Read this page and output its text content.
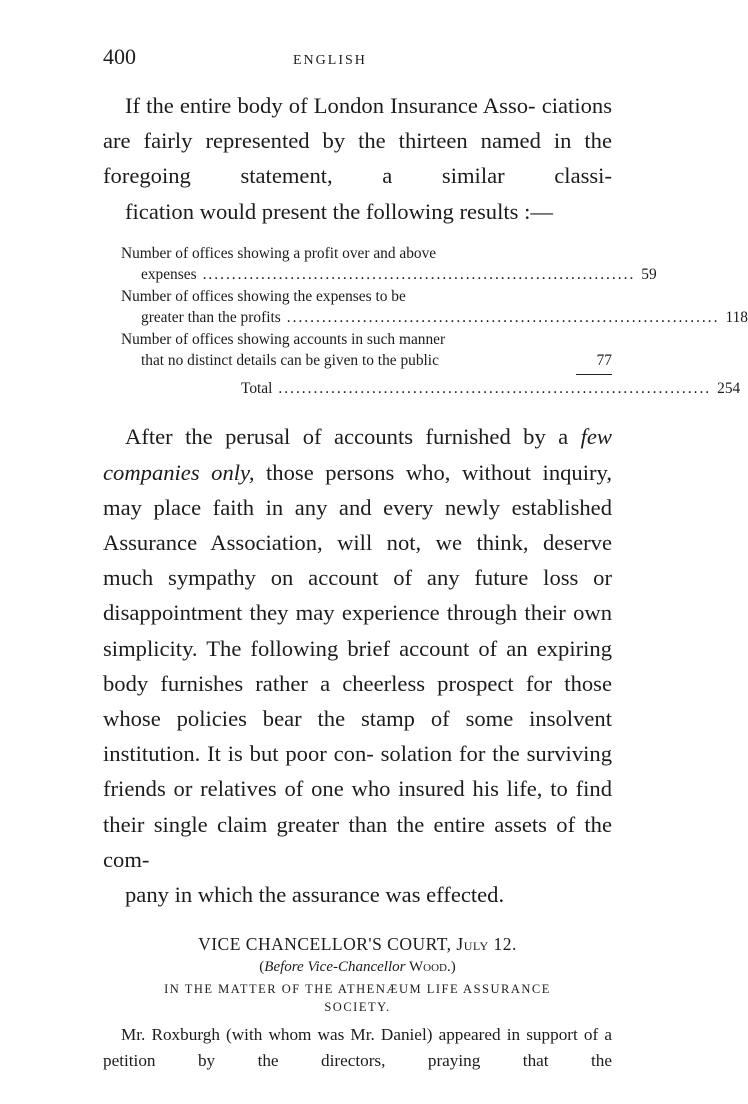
400	ENGLISH

If the entire body of London Insurance Asso- ciations are fairly represented by the thirteen named in the foregoing statement, a similar classi-
fication would present the following results :—

Number of offices showing a profit over and above
expenses .......................................................................... 59
Number of offices showing the expenses to be
greater than the profits .......................................................................... 118
Number of offices showing accounts in such manner
that no distinct details can be given to the public	77
Total .......................................................................... 254

After the perusal of accounts furnished by a few companies only, those persons who, without inquiry, may place faith in any and every newly established Assurance Association, will not, we think, deserve much sympathy on account of any future loss or disappointment they may experience through their own simplicity. The following brief account of an expiring body furnishes rather a cheerless prospect for those whose policies bear the stamp of some insolvent institution. It is but poor con- solation for the surviving friends or relatives of one who insured his life, to find their single claim greater than the entire assets of the com-
pany in which the assurance was effected.

VICE CHANCELLOR'S COURT, July 12.
(Before Vice-Chancellor Wood.)
IN THE MATTER OF THE ATHENÆUM LIFE ASSURANCE
SOCIETY.

Mr. Roxburgh (with whom was Mr. Daniel) appeared in support of a petition by the directors, praying that the
